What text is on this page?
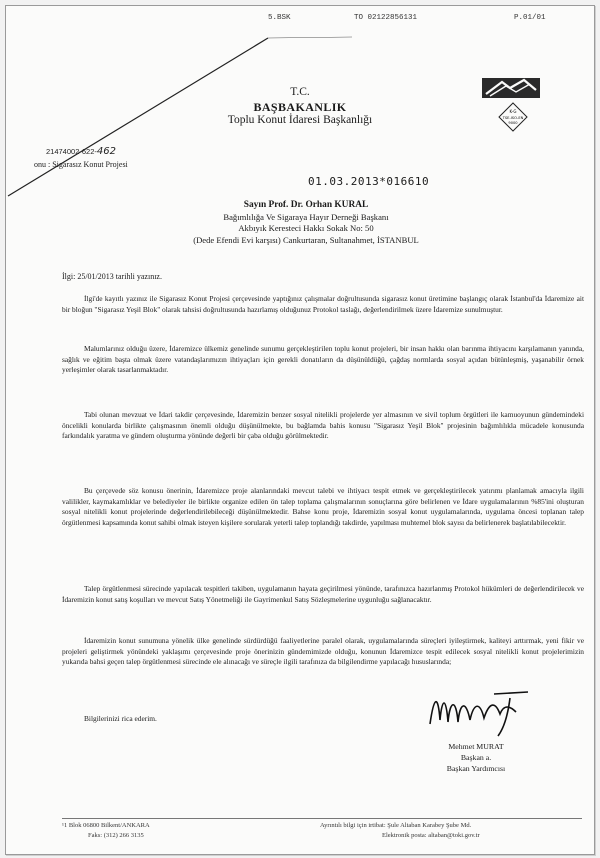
5.BSK	TO 02122856131	P.01/01
T.C.
BAŞBAKANLIK
Toplu Konut İdaresi Başkanlığı
K-G
TSE-ISO-EN
9000
21474002-622-462
onu : Sigarasız Konut Projesi
01.03.2013*016610
Sayın Prof. Dr. Orhan KURAL
Bağımlılığa Ve Sigaraya Hayır Derneği Başkanı
Akbıyık Keresteci Hakkı Sokak No: 50
(Dede Efendi Evi karşısı) Cankurtaran, Sultanahmet, İSTANBUL
İlgi: 25/01/2013 tarihli yazınız.

İlgi'de kayıtlı yazınız ile Sigarasız Konut Projesi çerçevesinde yaptığınız çalışmalar doğrultusunda sigarasız konut üretimine başlangıç olarak İstanbul'da İdaremize ait bir bloğun "Sigarasız Yeşil Blok" olarak tahsisi doğrultusunda hazırlamış olduğunuz Protokol taslağı, değerlendirilmek üzere İdaremize sunulmuştur.

Malumlarınız olduğu üzere, İdaremizce ülkemiz genelinde sunumu gerçekleştirilen toplu konut projeleri, bir insan hakkı olan barınma ihtiyacını karşılamanın yanında, sağlık ve eğitim başta olmak üzere vatandaşlarımızın ihtiyaçları için gerekli donatıların da düşünüldüğü, çağdaş normlarda sosyal açıdan bütünleşmiş, yaşanabilir örnek yerleşimler olarak tasarlanmaktadır.

Tabi olunan mevzuat ve İdari takdir çerçevesinde, İdaremizin benzer sosyal nitelikli projelerde yer almasının ve sivil toplum örgütleri ile kamuoyunun gündemindeki öncelikli konularda birlikte çalışmasının önemli olduğu düşünülmekte, bu bağlamda bahis konusu "Sigarasız Yeşil Blok" projesinin bağımlılıkla mücadele konusunda farkındalık yaratma ve gündem oluşturma yönünde değerli bir çaba olduğu görülmektedir.

Bu çerçevede söz konusu önerinin, İdaremizce proje alanlarındaki mevcut talebi ve ihtiyacı tespit etmek ve gerçekleştirilecek yatırımı planlamak amacıyla ilgili valilikler, kaymakamlıklar ve belediyeler ile birlikte organize edilen ön talep toplama çalışmalarının sonuçlarına göre belirlenen ve İdare uygulamalarının %85'ini oluşturan sosyal nitelikli konut projelerinde değerlendirilebileceği düşünülmektedir. Bahse konu proje, İdaremizin sosyal konut uygulamalarında, uygulama öncesi toplanan talep örgütlenmesi kapsamında konut sahibi olmak isteyen kişilere sorularak yeterli talep toplandığı takdirde, yapılması muhtemel blok sayısı da belirlenerek başlatılabilecektir.

Talep örgütlenmesi sürecinde yapılacak tespitleri takiben, uygulamanın hayata geçirilmesi yönünde, tarafınızca hazırlanmış Protokol hükümleri de değerlendirilecek ve İdaremizin konut satış koşulları ve mevcut Satış Yönetmeliği ile Gayrimenkul Satış Sözleşmelerine uygunluğu sağlanacaktır.

İdaremizin konut sunumuna yönelik ülke genelinde sürdürdüğü faaliyetlerine paralel olarak, uygulamalarında süreçleri iyileştirmek, kaliteyi arttırmak, yeni fikir ve projeleri geliştirmek yönündeki yaklaşımı çerçevesinde proje önerinizin gündemimizde olduğu, konunun İdaremizce tespit edilecek sosyal nitelikli konut projelerimizin yukarıda bahsi geçen talep örgütlenmesi sürecinde ele alınacağı ve süreçle ilgili tarafınıza da bilgilendirme yapılacağı hususlarında;

Bilgilerinizi rica ederim.

Mehmet MURAT
Başkan a.
Başkan Yardımcısı
¹1 Blok 06800 Bilkent/ANKARA
Faks: (312) 266 3135
Ayrıntılı bilgi için irtibat: Şule Altaban Karabey Şube Md.
Elektronik posta: altaban@toki.gov.tr
